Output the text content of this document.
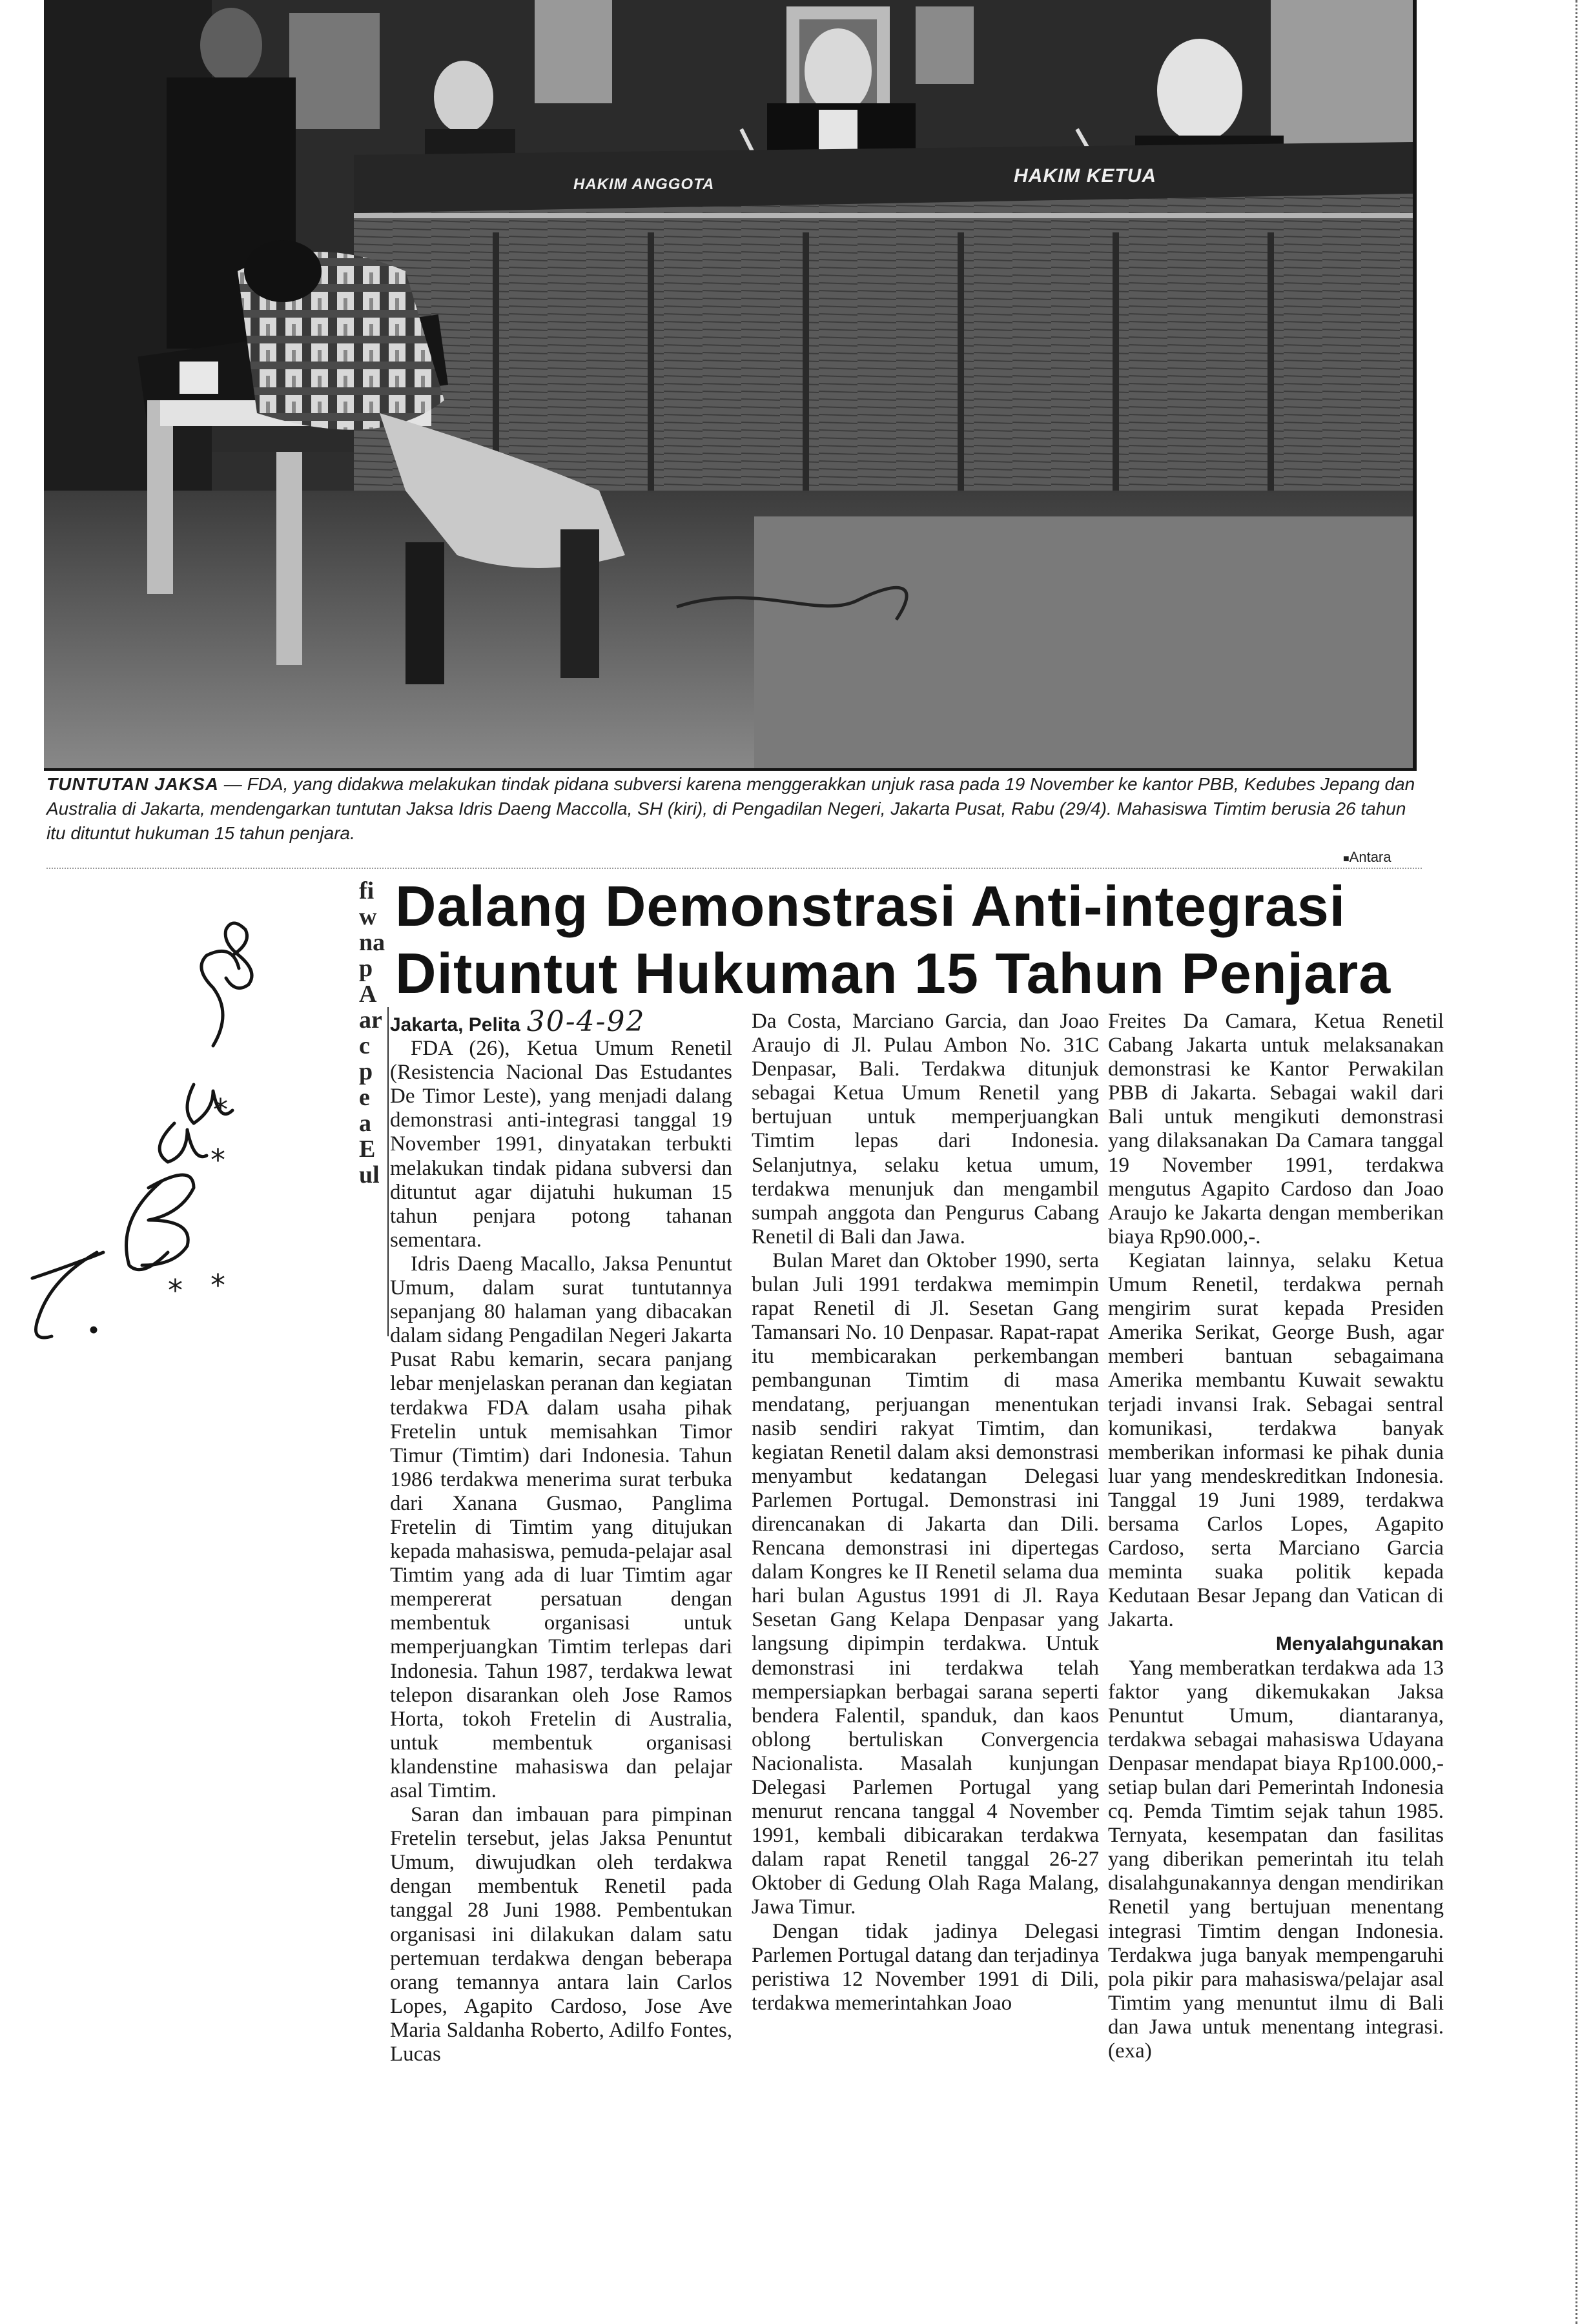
HAKIM ANGGOTA	HAKIM KETUA
TUNTUTAN JAKSA — FDA, yang didakwa melakukan tindak pidana subversi karena menggerakkan unjuk rasa pada 19 November ke kantor PBB, Kedubes Jepang dan Australia di Jakarta, mendengarkan tuntutan Jaksa Idris Daeng Maccolla, SH (kiri), di Pengadilan Negeri, Jakarta Pusat, Rabu (29/4). Mahasiswa Timtim berusia 26 tahun itu dituntut hukuman 15 tahun penjara.
■ Antara
Dalang Demonstrasi Anti-integrasi
Dituntut Hukuman 15 Tahun Penjara
fi
w
na
p
A
ar
c
p
e
a
E
ul
*
*
*
*

Jakarta, Pelita 30-4-92

FDA (26), Ketua Umum Renetil (Resistencia Nacional Das Estudantes De Timor Leste), yang menjadi dalang demonstrasi anti-integrasi tanggal 19 November 1991, dinyatakan terbukti melakukan tindak pidana subversi dan dituntut agar dijatuhi hukuman 15 tahun penjara potong tahanan sementara.

Idris Daeng Macallo, Jaksa Penuntut Umum, dalam surat tuntutannya sepanjang 80 halaman yang dibacakan dalam sidang Pengadilan Negeri Jakarta Pusat Rabu kemarin, secara panjang lebar menjelaskan peranan dan kegiatan terdakwa FDA dalam usaha pihak Fretelin untuk memisahkan Timor Timur (Timtim) dari Indonesia. Tahun 1986 terdakwa menerima surat terbuka dari Xanana Gusmao, Panglima Fretelin di Timtim yang ditujukan kepada mahasiswa, pemuda-pelajar asal Timtim yang ada di luar Timtim agar mempererat persatuan dengan membentuk organisasi untuk memperjuangkan Timtim terlepas dari Indonesia. Tahun 1987, terdakwa lewat telepon disarankan oleh Jose Ramos Horta, tokoh Fretelin di Australia, untuk membentuk organisasi klandenstine mahasiswa dan pelajar asal Timtim.

Saran dan imbauan para pimpinan Fretelin tersebut, jelas Jaksa Penuntut Umum, diwujudkan oleh terdakwa dengan membentuk Renetil pada tanggal 28 Juni 1988. Pembentukan organisasi ini dilakukan dalam satu pertemuan terdakwa dengan beberapa orang temannya antara lain Carlos Lopes, Agapito Cardoso, Jose Ave Maria Saldanha Roberto, Adilfo Fontes, Lucas

Da Costa, Marciano Garcia, dan Joao Araujo di Jl. Pulau Ambon No. 31C Denpasar, Bali. Terdakwa ditunjuk sebagai Ketua Umum Renetil yang bertujuan untuk memperjuangkan Timtim lepas dari Indonesia. Selanjutnya, selaku ketua umum, terdakwa menunjuk dan mengambil sumpah anggota dan Pengurus Cabang Renetil di Bali dan Jawa.

Bulan Maret dan Oktober 1990, serta bulan Juli 1991 terdakwa memimpin rapat Renetil di Jl. Sesetan Gang Tamansari No. 10 Denpasar. Rapat-rapat itu membicarakan perkembangan pembangunan Timtim di masa mendatang, perjuangan menentukan nasib sendiri rakyat Timtim, dan kegiatan Renetil dalam aksi demonstrasi menyambut kedatangan Delegasi Parlemen Portugal. Demonstrasi ini direncanakan di Jakarta dan Dili. Rencana demonstrasi ini dipertegas dalam Kongres ke II Renetil selama dua hari bulan Agustus 1991 di Jl. Raya Sesetan Gang Kelapa Denpasar yang langsung dipimpin terdakwa. Untuk demonstrasi ini terdakwa telah mempersiapkan berbagai sarana seperti bendera Falentil, spanduk, dan kaos oblong bertuliskan Convergencia Nacionalista. Masalah kunjungan Delegasi Parlemen Portugal yang menurut rencana tanggal 4 November 1991, kembali dibicarakan terdakwa dalam rapat Renetil tanggal 26-27 Oktober di Gedung Olah Raga Malang, Jawa Timur.

Dengan tidak jadinya Delegasi Parlemen Portugal datang dan terjadinya peristiwa 12 November 1991 di Dili, terdakwa memerintahkan Joao

Freites Da Camara, Ketua Renetil Cabang Jakarta untuk melaksanakan demonstrasi ke Kantor Perwakilan PBB di Jakarta. Sebagai wakil dari Bali untuk mengikuti demonstrasi yang dilaksanakan Da Camara tanggal 19 November 1991, terdakwa mengutus Agapito Cardoso dan Joao Araujo ke Jakarta dengan memberikan biaya Rp90.000,-.

Kegiatan lainnya, selaku Ketua Umum Renetil, terdakwa pernah mengirim surat kepada Presiden Amerika Serikat, George Bush, agar memberi bantuan sebagaimana Amerika membantu Kuwait sewaktu terjadi invansi Irak. Sebagai sentral komunikasi, terdakwa banyak memberikan informasi ke pihak dunia luar yang mendeskreditkan Indonesia. Tanggal 19 Juni 1989, terdakwa bersama Carlos Lopes, Agapito Cardoso, serta Marciano Garcia meminta suaka politik kepada Kedutaan Besar Jepang dan Vatican di Jakarta.

Menyalahgunakan

Yang memberatkan terdakwa ada 13 faktor yang dikemukakan Jaksa Penuntut Umum, diantaranya, terdakwa sebagai mahasiswa Udayana Denpasar mendapat biaya Rp100.000,- setiap bulan dari Pemerintah Indonesia cq. Pemda Timtim sejak tahun 1985. Ternyata, kesempatan dan fasilitas yang diberikan pemerintah itu telah disalahgunakannya dengan mendirikan Renetil yang bertujuan menentang integrasi Timtim dengan Indonesia. Terdakwa juga banyak mempengaruhi pola pikir para mahasiswa/pelajar asal Timtim yang menuntut ilmu di Bali dan Jawa untuk menentang integrasi. (exa)
